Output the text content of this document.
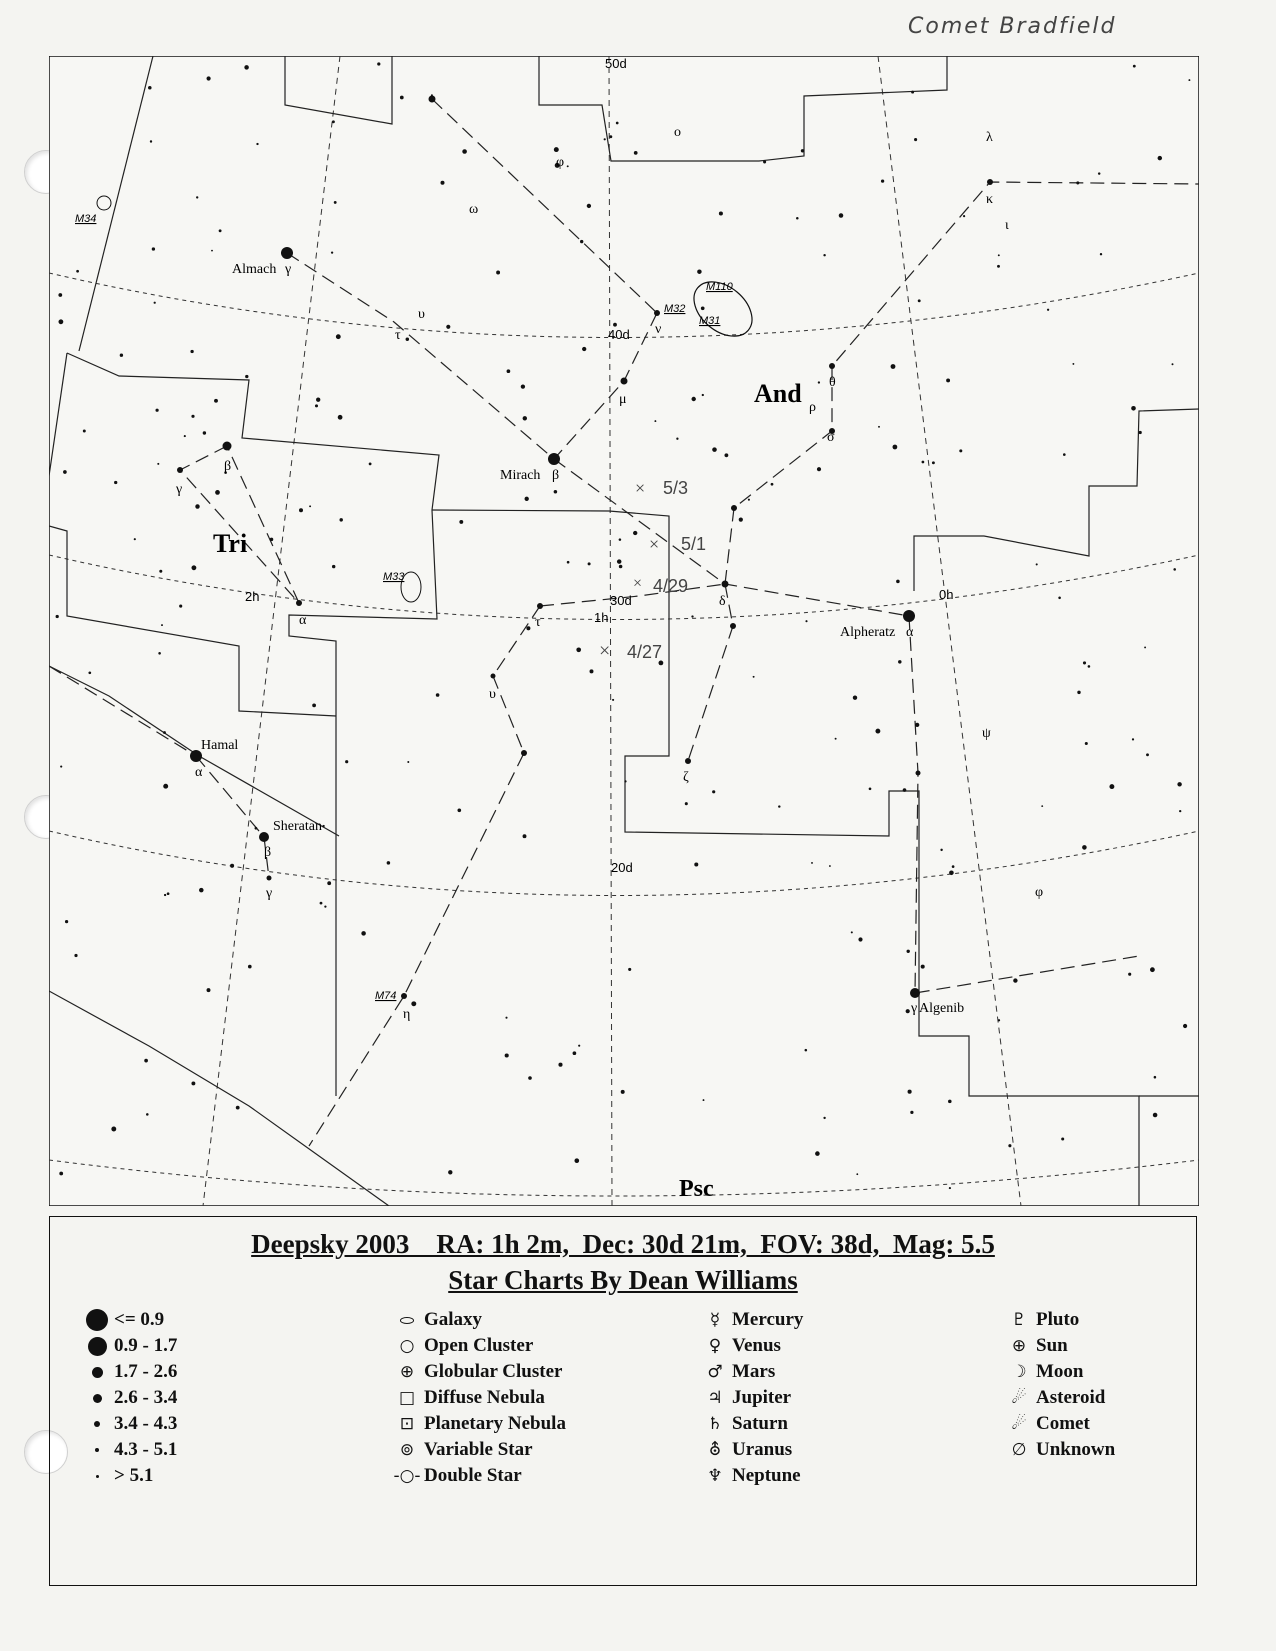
Comet Bradfield
And
Tri
Psc
50d
40d
30d
20d
2h
1h
0h
Almach γ
Mirach β
Alpheratz α
Hamal
α
Sheratan
β
γ Algenib
φ
ω
υ
τ	ν
μ
ρ
θ
σ
λ
κ
ι
β
γ
α
δ
τ
υ
ζ
η
ψ
φ
γ
o
M34
M110
M32
M31
M33
M74
× 5/3
× 5/1
× 4/29
× 4/27
Deepsky 2003    RA: 1h 2m,  Dec: 30d 21m,  FOV: 38d,  Mag: 5.5
Star Charts By Dean Williams
<= 0.9
0.9 - 1.7
1.7 - 2.6
2.6 - 3.4
3.4 - 4.3
4.3 - 5.1
> 5.1
Galaxy
○ Open Cluster
⊕ Globular Cluster
□ Diffuse Nebula
⊡ Planetary Nebula
⊚ Variable Star
-○- Double Star
☿ Mercury
♀ Venus
♂ Mars
♃ Jupiter
♄ Saturn
⛢ Uranus
♆ Neptune
♇ Pluto
⊕ Sun
☽ Moon
☄ Asteroid
☄ Comet
∅ Unknown
